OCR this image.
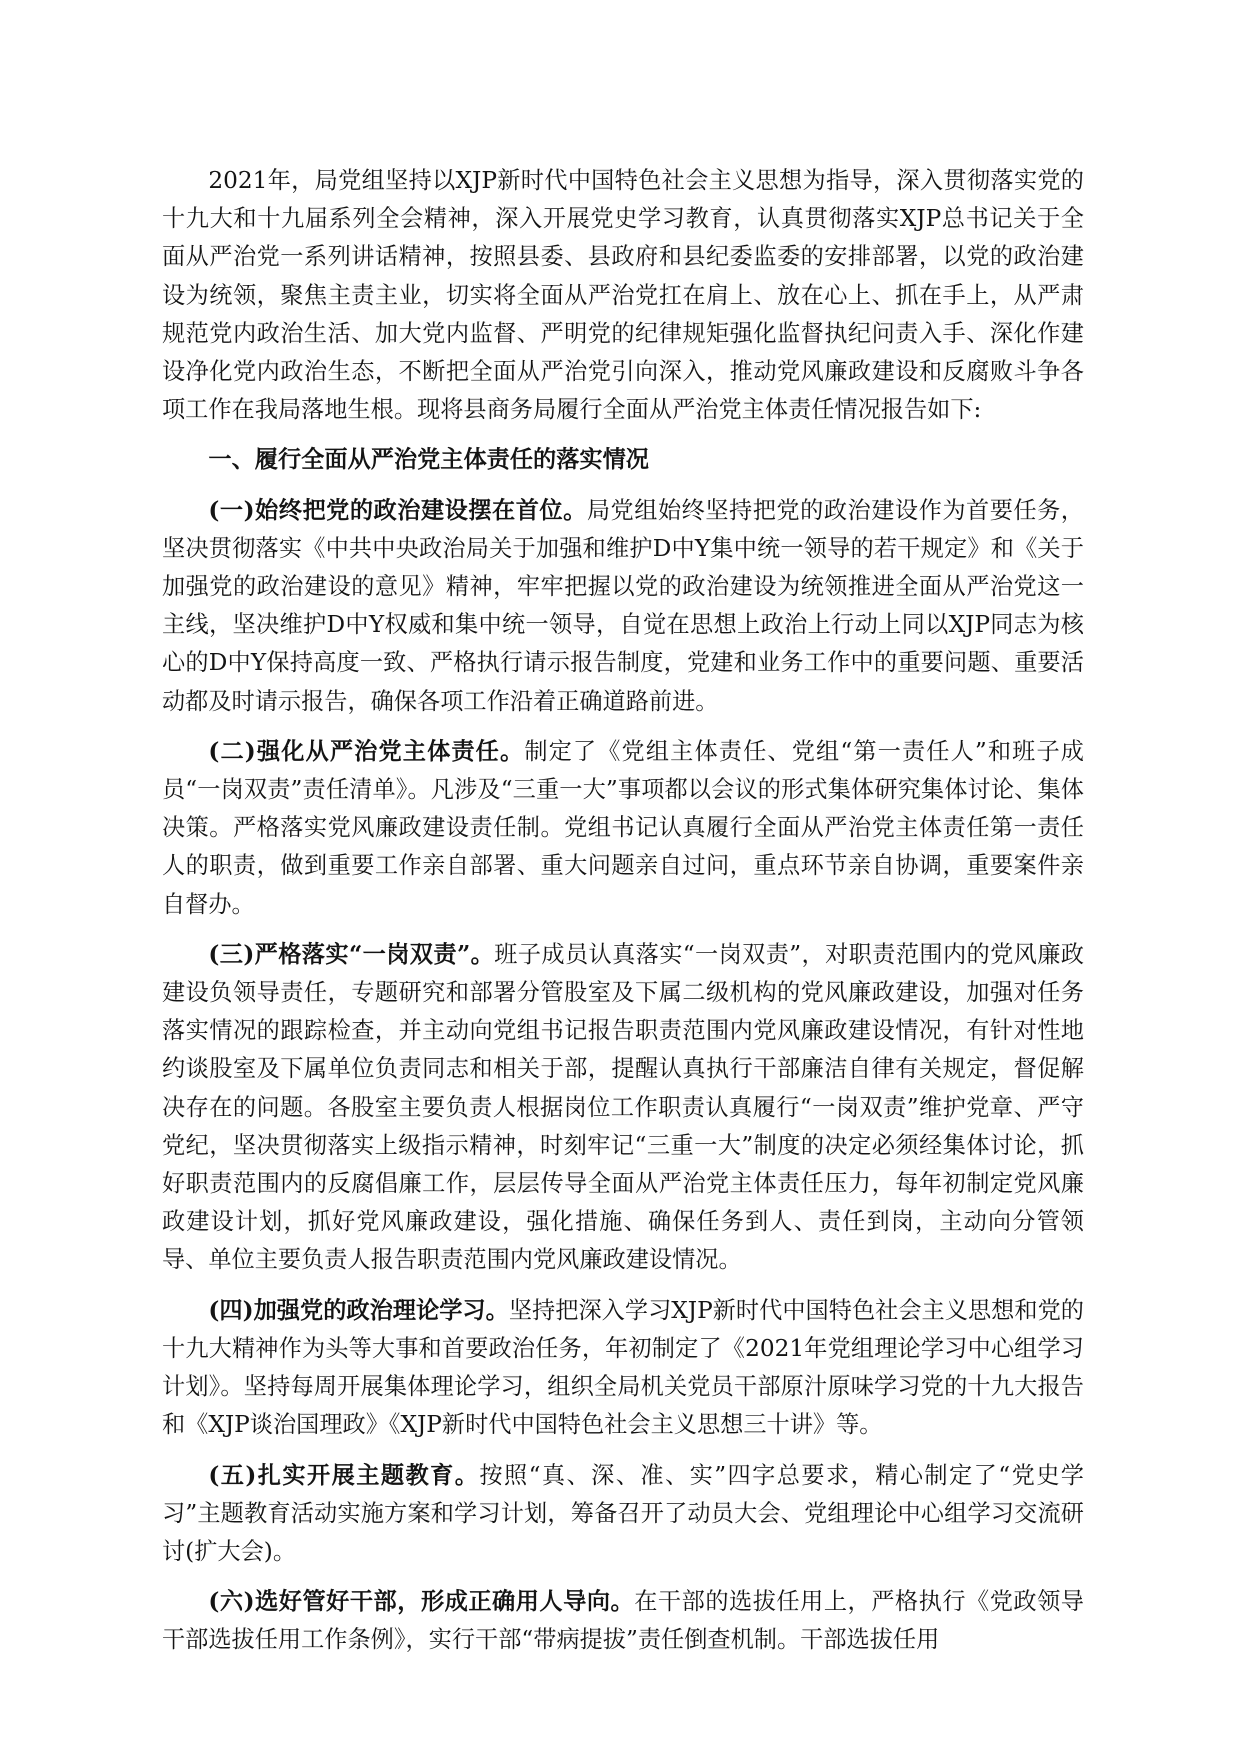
2021年，局党组坚持以XJP新时代中国特色社会主义思想为指导，深入贯彻落实党的十九大和十九届系列全会精神，深入开展党史学习教育，认真贯彻落实XJP总书记关于全面从严治党一系列讲话精神，按照县委、县政府和县纪委监委的安排部署，以党的政治建设为统领，聚焦主责主业，切实将全面从严治党扛在肩上、放在心上、抓在手上，从严肃规范党内政治生活、加大党内监督、严明党的纪律规矩强化监督执纪问责入手、深化作建设净化党内政治生态，不断把全面从严治党引向深入，推动党风廉政建设和反腐败斗争各项工作在我局落地生根。现将县商务局履行全面从严治党主体责任情况报告如下:

一、履行全面从严治党主体责任的落实情况

(一)始终把党的政治建设摆在首位。局党组始终坚持把党的政治建设作为首要任务，坚决贯彻落实《中共中央政治局关于加强和维护D中Y集中统一领导的若干规定》和《关于加强党的政治建设的意见》精神，牢牢把握以党的政治建设为统领推进全面从严治党这一主线，坚决维护D中Y权威和集中统一领导，自觉在思想上政治上行动上同以XJP同志为核心的D中Y保持高度一致、严格执行请示报告制度，党建和业务工作中的重要问题、重要活动都及时请示报告，确保各项工作沿着正确道路前进。

(二)强化从严治党主体责任。制定了《党组主体责任、党组“第一责任人”和班子成员“一岗双责”责任清单》。凡涉及“三重一大”事项都以会议的形式集体研究集体讨论、集体决策。严格落实党风廉政建设责任制。党组书记认真履行全面从严治党主体责任第一责任人的职责，做到重要工作亲自部署、重大问题亲自过问，重点环节亲自协调，重要案件亲自督办。

(三)严格落实“一岗双责”。班子成员认真落实“一岗双责”，对职责范围内的党风廉政建设负领导责任，专题研究和部署分管股室及下属二级机构的党风廉政建设，加强对任务落实情况的跟踪检查，并主动向党组书记报告职责范围内党风廉政建设情况，有针对性地约谈股室及下属单位负责同志和相关于部，提醒认真执行干部廉洁自律有关规定，督促解决存在的问题。各股室主要负责人根据岗位工作职责认真履行“一岗双责”维护党章、严守党纪，坚决贯彻落实上级指示精神，时刻牢记“三重一大”制度的决定必须经集体讨论，抓好职责范围内的反腐倡廉工作，层层传导全面从严治党主体责任压力，每年初制定党风廉政建设计划，抓好党风廉政建设，强化措施、确保任务到人、责任到岗，主动向分管领导、单位主要负责人报告职责范围内党风廉政建设情况。

(四)加强党的政治理论学习。坚持把深入学习XJP新时代中国特色社会主义思想和党的十九大精神作为头等大事和首要政治任务，年初制定了《2021年党组理论学习中心组学习计划》。坚持每周开展集体理论学习，组织全局机关党员干部原汁原味学习党的十九大报告和《XJP谈治国理政》《XJP新时代中国特色社会主义思想三十讲》等。

(五)扎实开展主题教育。按照“真、深、准、实”四字总要求，精心制定了“党史学习”主题教育活动实施方案和学习计划，筹备召开了动员大会、党组理论中心组学习交流研讨(扩大会)。

(六)选好管好干部，形成正确用人导向。在干部的选拔任用上，严格执行《党政领导干部选拔任用工作条例》，实行干部“带病提拔”责任倒查机制。干部选拔任用
